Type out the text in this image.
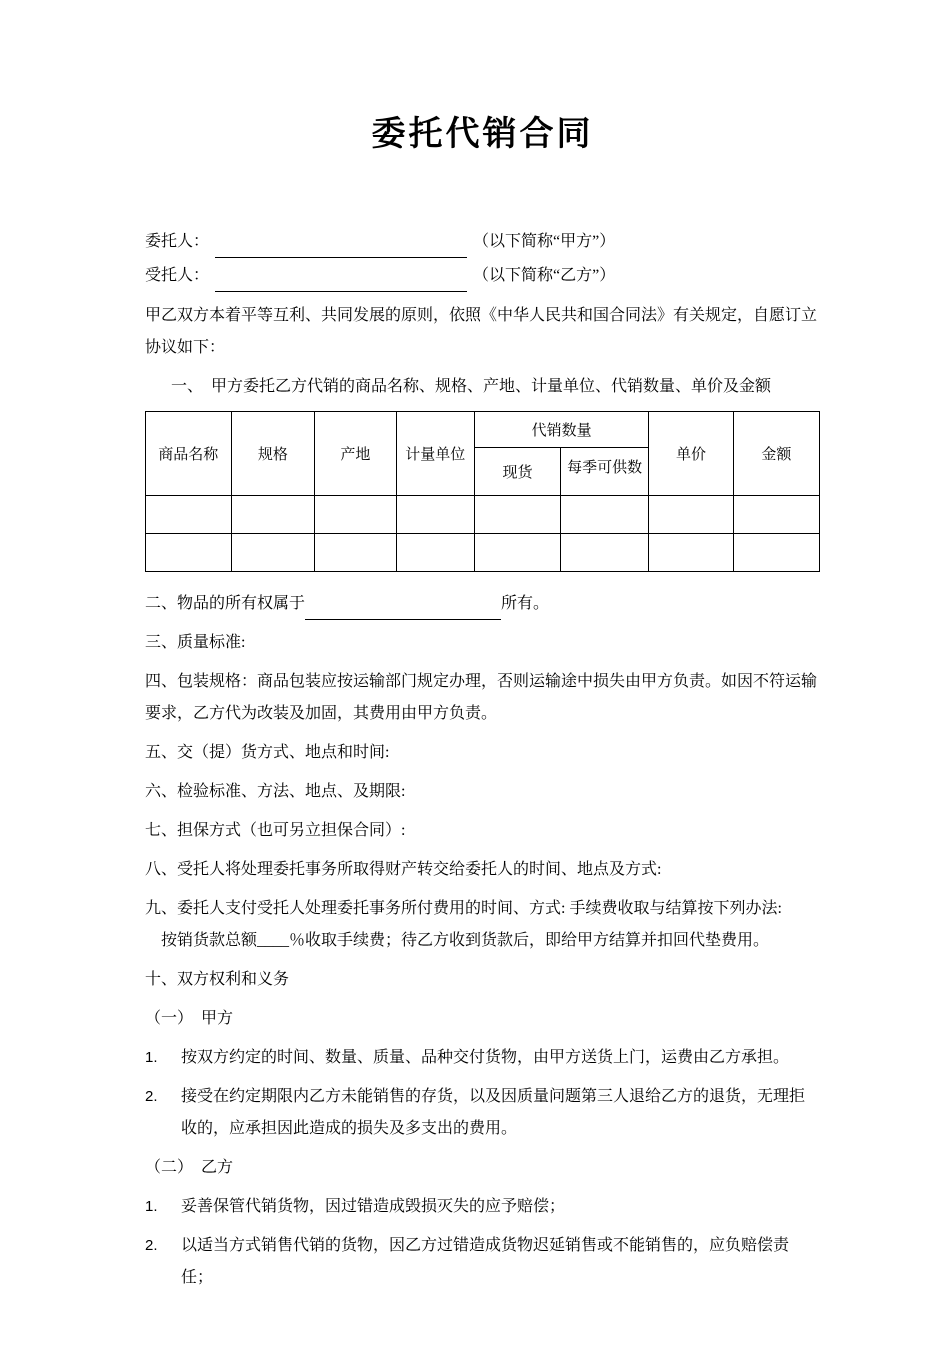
委托代销合同
委托人：	（以下简称“甲方”）
受托人：	（以下简称“乙方”）

甲乙双方本着平等互利、共同发展的原则，依照《中华人民共和国合同法》有关规定，自愿订立协议如下：

一、　甲方委托乙方代销的商品名称、规格、产地、计量单位、代销数量、单价及金额

商品名称	规格	产地	计量单位	代销数量		单价	金额
				现货	每季可供数		

二、物品的所有权属于	所有。

三、质量标准:

四、包装规格：商品包装应按运输部门规定办理，否则运输途中损失由甲方负责。如因不符运输要求，乙方代为改装及加固，其费用由甲方负责。

五、交（提）货方式、地点和时间:

六、检验标准、方法、地点、及期限:

七、担保方式（也可另立担保合同）:

八、受托人将处理委托事务所取得财产转交给委托人的时间、地点及方式:

九、委托人支付受托人处理委托事务所付费用的时间、方式: 手续费收取与结算按下列办法:

按销货款总额____％收取手续费；待乙方收到货款后，即给甲方结算并扣回代垫费用。

十、双方权利和义务

（一）　甲方

1.	按双方约定的时间、数量、质量、品种交付货物，由甲方送货上门，运费由乙方承担。
2.	接受在约定期限内乙方未能销售的存货，以及因质量问题第三人退给乙方的退货，无理拒收的，应承担因此造成的损失及多支出的费用。

（二）　乙方

1.	妥善保管代销货物，因过错造成毁损灭失的应予赔偿；
2.	以适当方式销售代销的货物，因乙方过错造成货物迟延销售或不能销售的，应负赔偿责任；
